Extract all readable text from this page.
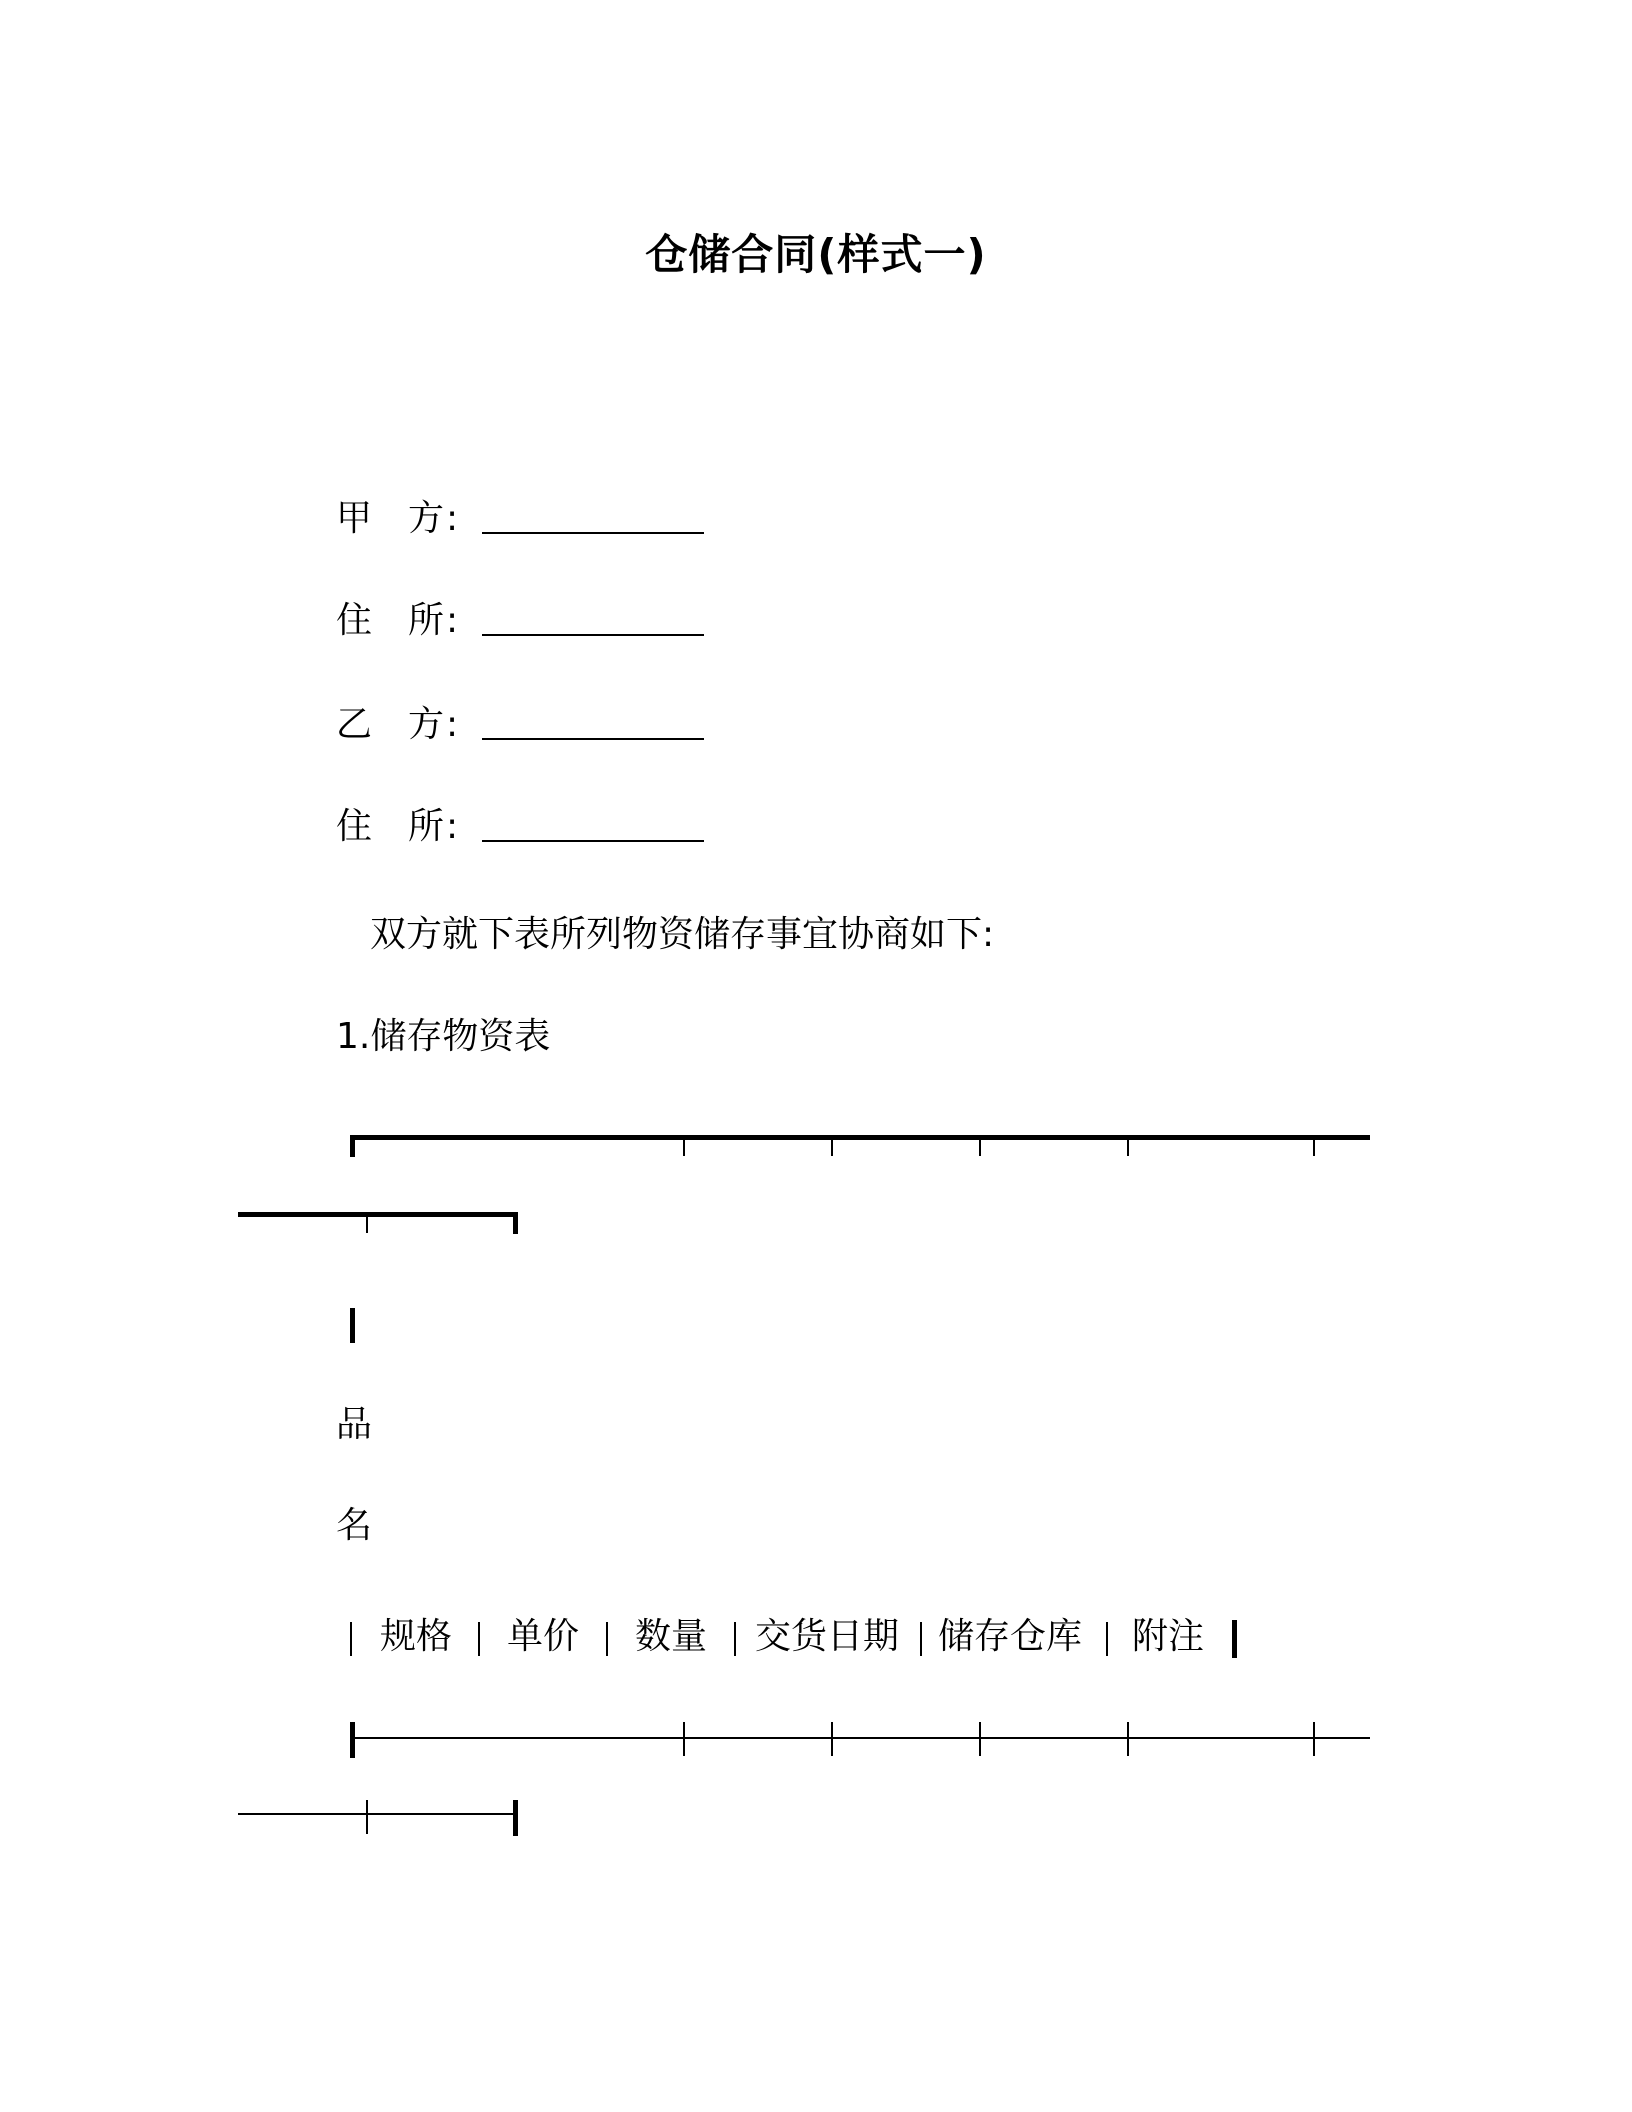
仓储合同(样式一)
甲 方:
住 所:
乙 方:
住 所:
双方就下表所列物资储存事宜协商如下:
1.储存物资表
品
名
规格 单价 数量 交货日期 储存仓库 附注
